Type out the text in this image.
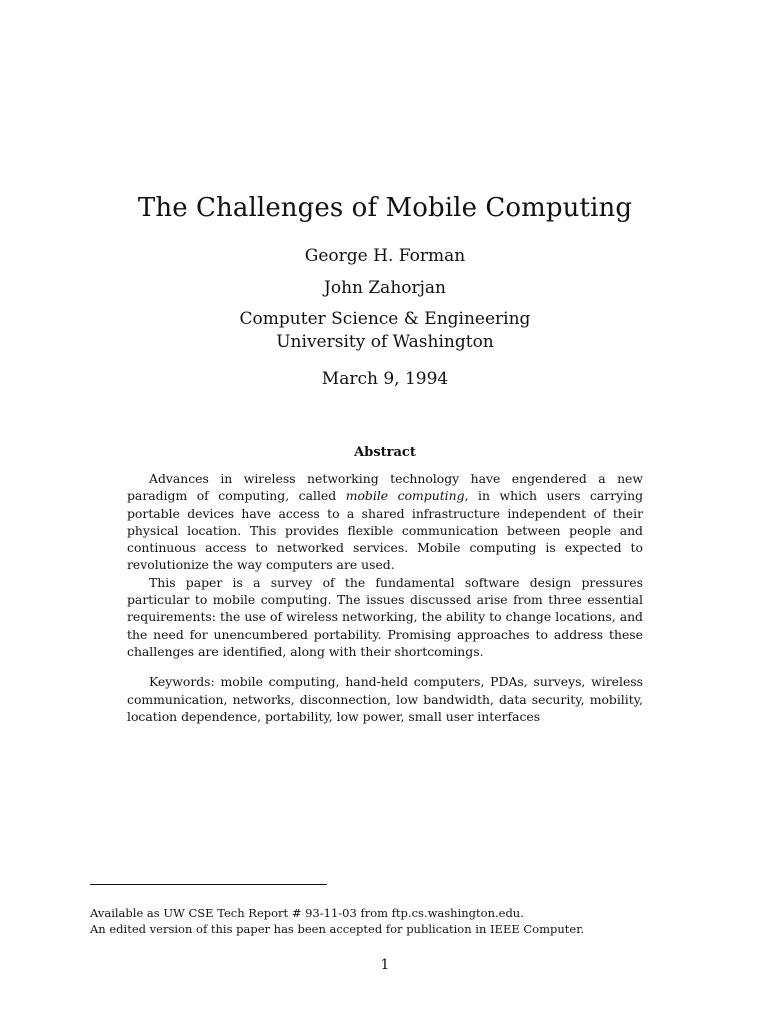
The Challenges of Mobile Computing
George H. Forman
John Zahorjan
Computer Science & Engineering
University of Washington
March 9, 1994
Abstract

Advances in wireless networking technology have engendered a new paradigm of computing, called mobile computing, in which users carrying portable devices have access to a shared infrastructure independent of their physical location. This provides flexible communication between people and continuous access to networked services. Mobile computing is expected to revolutionize the way computers are used.

This paper is a survey of the fundamental software design pressures particular to mobile computing. The issues discussed arise from three essential requirements: the use of wireless networking, the ability to change locations, and the need for unencumbered portability. Promising approaches to address these challenges are identified, along with their shortcomings.

Keywords: mobile computing, hand-held computers, PDAs, surveys, wireless communication, networks, disconnection, low bandwidth, data security, mobility, location dependence, portability, low power, small user interfaces

Available as UW CSE Tech Report # 93-11-03 from ftp.cs.washington.edu.
An edited version of this paper has been accepted for publication in IEEE Computer.
1
